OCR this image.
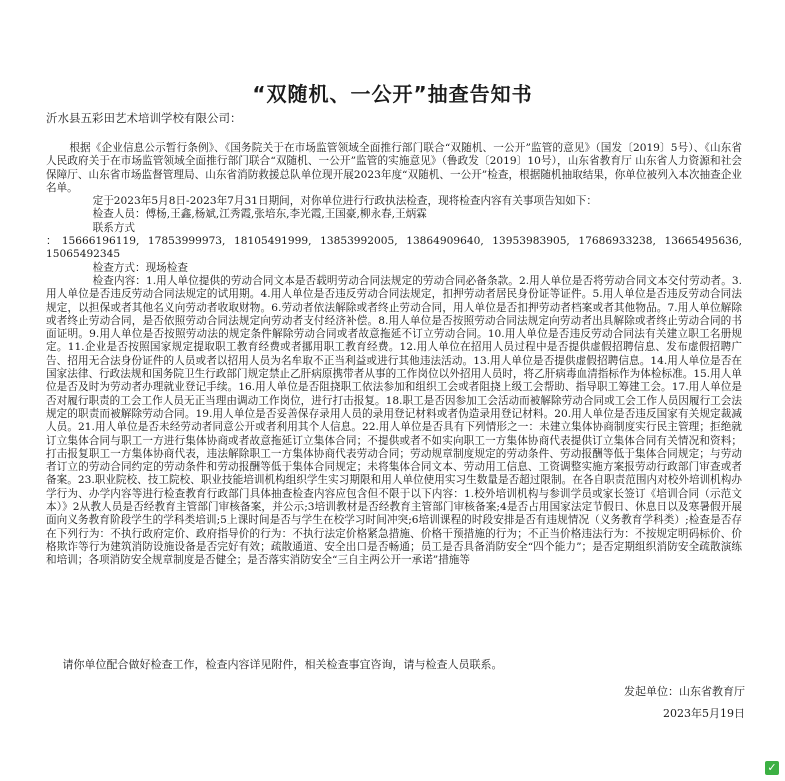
“双随机、一公开”抽查告知书
沂水县五彩田艺术培训学校有限公司：

根据《企业信息公示暂行条例》、《国务院关于在市场监管领域全面推行部门联合“双随机、一公开”监管的意见》（国发〔2019〕5号）、《山东省人民政府关于在市场监管领域全面推行部门联合“双随机、一公开”监管的实施意见》（鲁政发〔2019〕10号），山东省教育厅 山东省人力资源和社会保障厅、山东省市场监督管理局、山东省消防救援总队单位现开展2023年度“双随机、一公开”检查，根据随机抽取结果，你单位被列入本次抽查企业名单。

定于2023年5月8日-2023年7月31日期间，对你单位进行行政执法检查，现将检查内容有关事项告知如下：

检查人员：傅杨,王鑫,杨斌,江秀霞,张培东,李光霞,王国豪,柳永春,王炳霖

联系方式

：15666196119, 17853999973, 18105491999, 13853992005, 13864909640, 13953983905, 17686933238, 13665495636, 15065492345

检查方式：现场检查

检查内容：1.用人单位提供的劳动合同文本是否载明劳动合同法规定的劳动合同必备条款。2.用人单位是否将劳动合同文本交付劳动者。3.用人单位是否违反劳动合同法规定的试用期。4.用人单位是否违反劳动合同法规定，扣押劳动者居民身份证等证件。5.用人单位是否违反劳动合同法规定，以担保或者其他名义向劳动者收取财物。6.劳动者依法解除或者终止劳动合同，用人单位是否扣押劳动者档案或者其他物品。7.用人单位解除或者终止劳动合同，是否依照劳动合同法规定向劳动者支付经济补偿。8.用人单位是否按照劳动合同法规定向劳动者出具解除或者终止劳动合同的书面证明。9.用人单位是否按照劳动法的规定条件解除劳动合同或者故意拖延不订立劳动合同。10.用人单位是否违反劳动合同法有关建立职工名册规定。11.企业是否按照国家规定提取职工教育经费或者挪用职工教育经费。12.用人单位在招用人员过程中是否提供虚假招聘信息、发布虚假招聘广告、招用无合法身份证件的人员或者以招用人员为名牟取不正当利益或进行其他违法活动。13.用人单位是否提供虚假招聘信息。14.用人单位是否在国家法律、行政法规和国务院卫生行政部门规定禁止乙肝病原携带者从事的工作岗位以外招用人员时，将乙肝病毒血清指标作为体检标准。15.用人单位是否及时为劳动者办理就业登记手续。16.用人单位是否阻挠职工依法参加和组织工会或者阻挠上级工会帮助、指导职工筹建工会。17.用人单位是否对履行职责的工会工作人员无正当理由调动工作岗位，进行打击报复。18.职工是否因参加工会活动而被解除劳动合同或工会工作人员因履行工会法规定的职责而被解除劳动合同。19.用人单位是否妥善保存录用人员的录用登记材料或者伪造录用登记材料。20.用人单位是否违反国家有关规定裁减人员。21.用人单位是否未经劳动者同意公开或者利用其个人信息。22.用人单位是否具有下列情形之一：未建立集体协商制度实行民主管理；拒绝就订立集体合同与职工一方进行集体协商或者故意拖延订立集体合同；不提供或者不如实向职工一方集体协商代表提供订立集体合同有关情况和资料；打击报复职工一方集体协商代表，违法解除职工一方集体协商代表劳动合同；劳动规章制度规定的劳动条件、劳动报酬等低于集体合同规定；与劳动者订立的劳动合同约定的劳动条件和劳动报酬等低于集体合同规定；未将集体合同文本、劳动用工信息、工资调整实施方案报劳动行政部门审查或者备案。23.职业院校、技工院校、职业技能培训机构组织学生实习期限和用人单位使用实习生数量是否超过限制。在各自职责范围内对校外培训机构办学行为、办学内容等进行检查教育行政部门具体抽查检查内容应包含但不限于以下内容：1.校外培训机构与参训学员或家长签订《培训合同（示范文本）》2从教人员是否经教育主管部门审核备案，并公示;3培训教材是否经教育主管部门审核备案;4是否占用国家法定节假日、休息日以及寒暑假开展面向义务教育阶段学生的学科类培训;5上课时间是否与学生在校学习时间冲突;6培训课程的时段安排是否有违规情况（义务教育学科类）;检查是否存在下列行为：不执行政府定价、政府指导价的行为：不执行法定价格紧急措施、价格干预措施的行为；不正当价格违法行为：不按规定明码标价、价格欺诈等行为建筑消防设施设备是否完好有效；疏散通道、安全出口是否畅通；员工是否具备消防安全“四个能力”；是否定期组织消防安全疏散演练和培训；各项消防安全规章制度是否健全；是否落实消防安全“三自主两公开一承诺”措施等

请你单位配合做好检查工作，检查内容详见附件，相关检查事宜咨询，请与检查人员联系。
发起单位：山东省教育厅
2023年5月19日
✓
